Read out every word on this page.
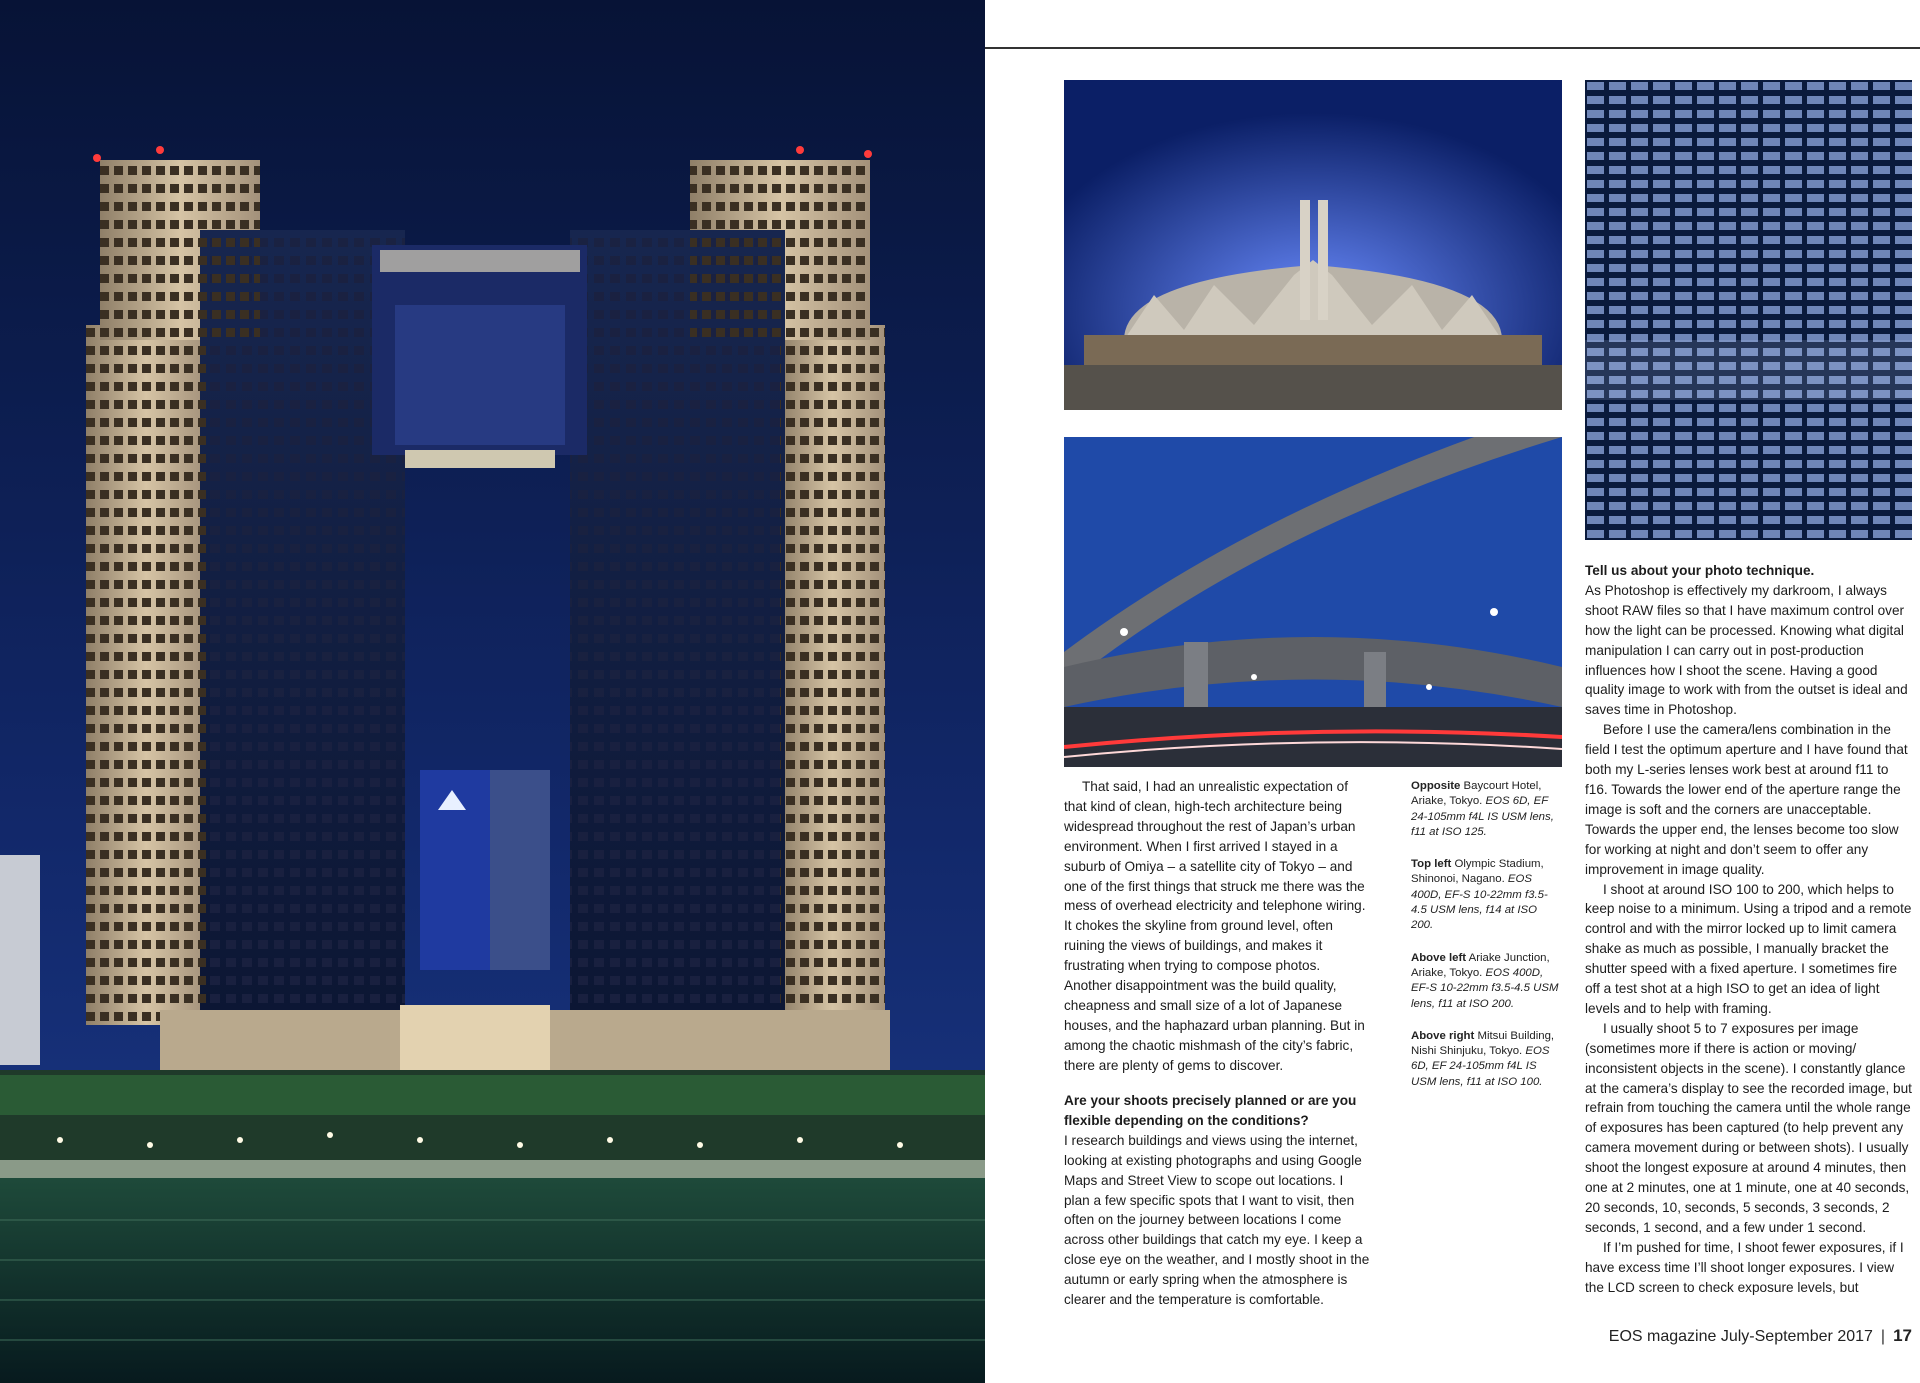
That said, I had an unrealistic expectation of that kind of clean, high-tech architecture being widespread throughout the rest of Japan’s urban environment. When I first arrived I stayed in a suburb of Omiya – a satellite city of Tokyo – and one of the first things that struck me there was the mess of overhead electricity and telephone wiring. It chokes the skyline from ground level, often ruining the views of buildings, and makes it frustrating when trying to compose photos. Another disappointment was the build quality, cheapness and small size of a lot of Japanese houses, and the haphazard urban planning. But in among the chaotic mishmash of the city’s fabric, there are plenty of gems to discover.

Are your shoots precisely planned or are you flexible depending on the conditions?

I research buildings and views using the internet, looking at existing photographs and using Google Maps and Street View to scope out locations. I plan a few specific spots that I want to visit, then often on the journey between locations I come across other buildings that catch my eye. I keep a close eye on the weather, and I mostly shoot in the autumn or early spring when the atmosphere is clearer and the temperature is comfortable.

Opposite Baycourt Hotel, Ariake, Tokyo. EOS 6D, EF 24-105mm f4L IS USM lens, f11 at ISO 125.
Top left Olympic Stadium, Shinonoi, Nagano. EOS 400D, EF-S 10-22mm f3.5-4.5 USM lens, f14 at ISO 200.
Above left Ariake Junction, Ariake, Tokyo. EOS 400D, EF-S 10-22mm f3.5-4.5 USM lens, f11 at ISO 200.
Above right Mitsui Building, Nishi Shinjuku, Tokyo. EOS 6D, EF 24-105mm f4L IS USM lens, f11 at ISO 100.
Tell us about your photo technique.

As Photoshop is effectively my darkroom, I always shoot RAW files so that I have maximum control over how the light can be processed. Knowing what digital manipulation I can carry out in post-production influences how I shoot the scene. Having a good quality image to work with from the outset is ideal and saves time in Photoshop.

Before I use the camera/lens combination in the field I test the optimum aperture and I have found that both my L-series lenses work best at around f11 to f16. Towards the lower end of the aperture range the image is soft and the corners are unacceptable. Towards the upper end, the lenses become too slow for working at night and don’t seem to offer any improvement in image quality.

I shoot at around ISO 100 to 200, which helps to keep noise to a minimum. Using a tripod and a remote control and with the mirror locked up to limit camera shake as much as possible, I manually bracket the shutter speed with a fixed aperture. I sometimes fire off a test shot at a high ISO to get an idea of light levels and to help with framing.

I usually shoot 5 to 7 exposures per image (sometimes more if there is action or moving/ inconsistent objects in the scene). I constantly glance at the camera’s display to see the recorded image, but refrain from touching the camera until the whole range of exposures has been captured (to help prevent any camera movement during or between shots). I usually shoot the longest exposure at around 4 minutes, then one at 2 minutes, one at 1 minute, one at 40 seconds, 20 seconds, 10, seconds, 5 seconds, 3 seconds, 2 seconds, 1 second, and a few under 1 second.

If I’m pushed for time, I shoot fewer exposures, if I have excess time I’ll shoot longer exposures. I view the LCD screen to check exposure levels, but

EOS magazine July-September 2017 | 17
